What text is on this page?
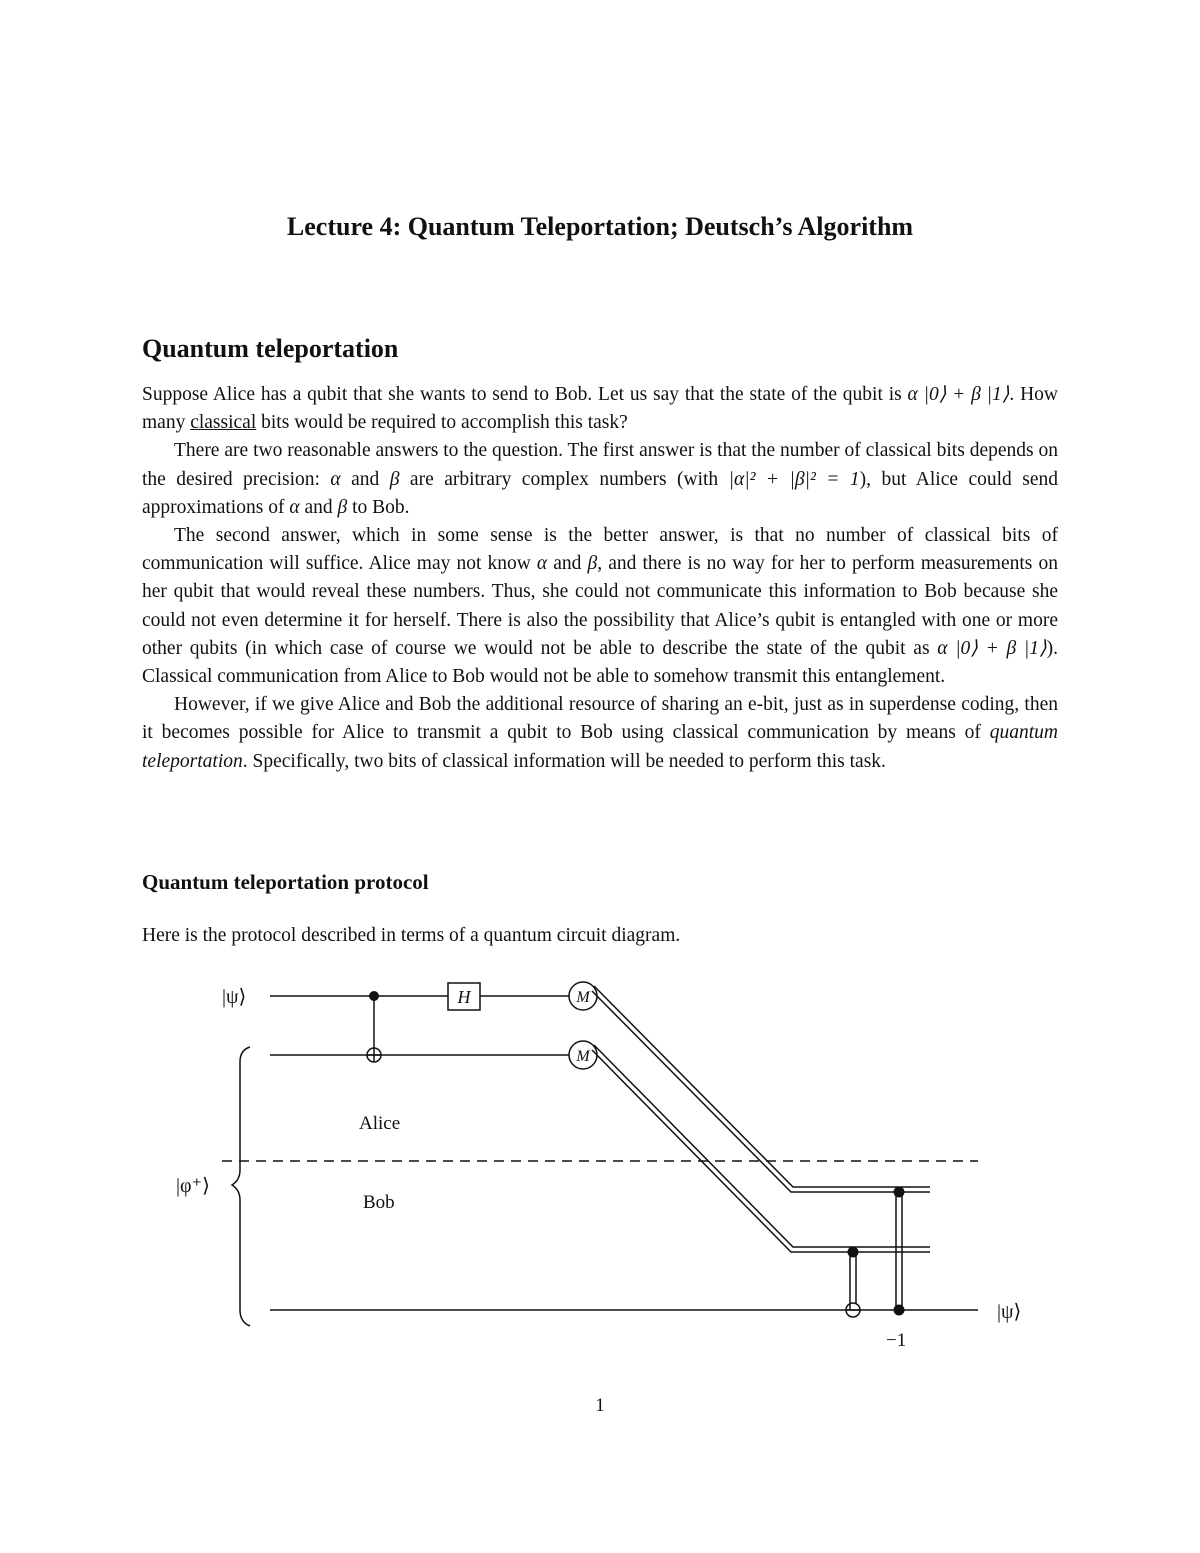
Lecture 4: Quantum Teleportation; Deutsch’s Algorithm
Quantum teleportation

Suppose Alice has a qubit that she wants to send to Bob. Let us say that the state of the qubit is α |0⟩ + β |1⟩. How many classical bits would be required to accomplish this task?

There are two reasonable answers to the question. The first answer is that the number of classical bits depends on the desired precision: α and β are arbitrary complex numbers (with |α|² + |β|² = 1), but Alice could send approximations of α and β to Bob.

The second answer, which in some sense is the better answer, is that no number of classical bits of communication will suffice. Alice may not know α and β, and there is no way for her to perform measurements on her qubit that would reveal these numbers. Thus, she could not communicate this information to Bob because she could not even determine it for herself. There is also the possibility that Alice’s qubit is entangled with one or more other qubits (in which case of course we would not be able to describe the state of the qubit as α |0⟩ + β |1⟩). Classical communication from Alice to Bob would not be able to somehow transmit this entanglement.

However, if we give Alice and Bob the additional resource of sharing an e-bit, just as in superdense coding, then it becomes possible for Alice to transmit a qubit to Bob using classical communication by means of quantum teleportation. Specifically, two bits of classical information will be needed to perform this task.

Quantum teleportation protocol
Here is the protocol described in terms of a quantum circuit diagram.
|ψ⟩
|φ⁺⟩
|ψ⟩
H	M
M
Alice
Bob
−1
1
